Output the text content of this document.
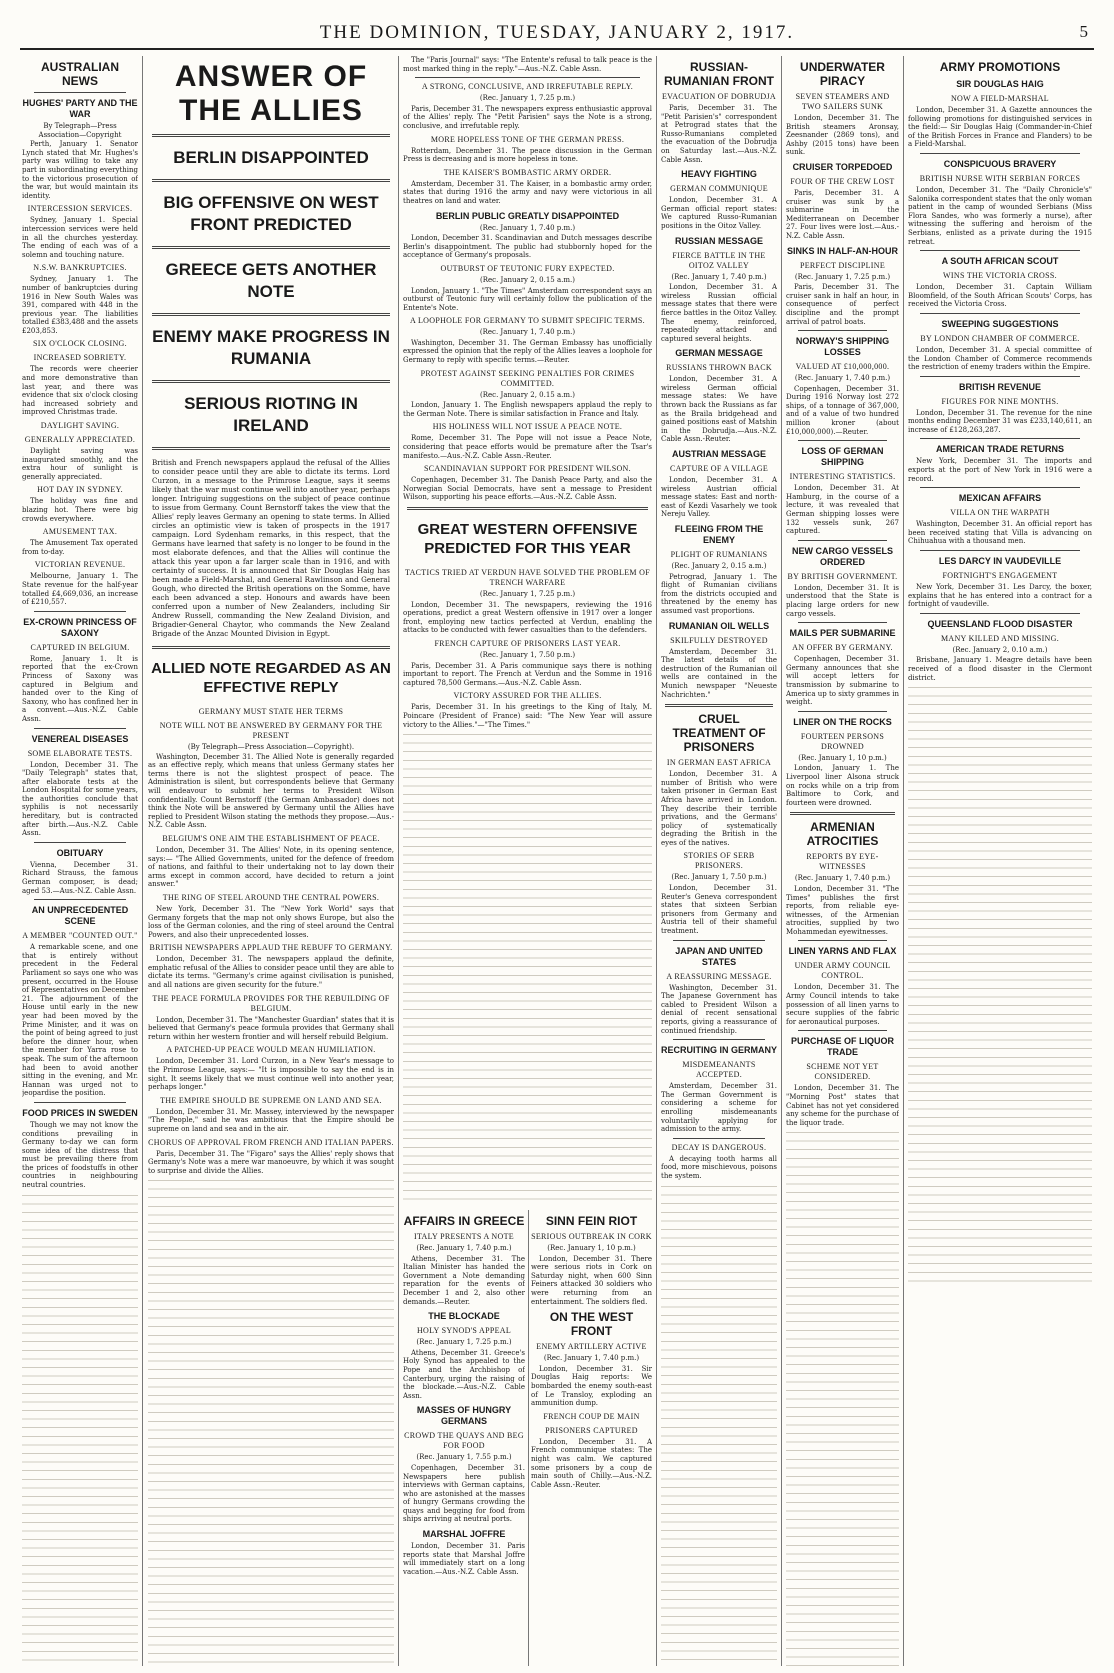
THE DOMINION, TUESDAY, JANUARY 2, 1917.	5
AUSTRALIAN NEWS
HUGHES' PARTY AND THE WAR
By Telegraph—Press Association—Copyright

Perth, January 1. Senator Lynch stated that Mr. Hughes's party was willing to take any part in subordinating everything to the victorious prosecution of the war, but would maintain its identity.

INTERCESSION SERVICES.

Sydney, January 1. Special intercession services were held in all the churches yesterday. The ending of each was of a solemn and touching nature.

N.S.W. BANKRUPTCIES.

Sydney, January 1. The number of bankruptcies during 1916 in New South Wales was 391, compared with 448 in the previous year. The liabilities totalled £383,488 and the assets £203,853.

SIX O'CLOCK CLOSING.
INCREASED SOBRIETY.

The records were cheerier and more demonstrative than last year, and there was evidence that six o'clock closing had increased sobriety and improved Christmas trade.

DAYLIGHT SAVING.
GENERALLY APPRECIATED.

Daylight saving was inaugurated smoothly, and the extra hour of sunlight is generally appreciated.

HOT DAY IN SYDNEY.

The holiday was fine and blazing hot. There were big crowds everywhere.

AMUSEMENT TAX.

The Amusement Tax operated from to-day.

VICTORIAN REVENUE.

Melbourne, January 1. The State revenue for the half-year totalled £4,669,036, an increase of £210,557.

EX-CROWN PRINCESS OF SAXONY
CAPTURED IN BELGIUM.

Rome, January 1. It is reported that the ex-Crown Princess of Saxony was captured in Belgium and handed over to the King of Saxony, who has confined her in a convent.—Aus.-N.Z. Cable Assn.

VENEREAL DISEASES
SOME ELABORATE TESTS.

London, December 31. The "Daily Telegraph" states that, after elaborate tests at the London Hospital for some years, the authorities conclude that syphilis is not necessarily hereditary, but is contracted after birth.—Aus.-N.Z. Cable Assn.

OBITUARY

Vienna, December 31. Richard Strauss, the famous German composer, is dead; aged 53.—Aus.-N.Z. Cable Assn.

AN UNPRECEDENTED SCENE
A MEMBER "COUNTED OUT."

A remarkable scene, and one that is entirely without precedent in the Federal Parliament so says one who was present, occurred in the House of Representatives on December 21. The adjournment of the House until early in the new year had been moved by the Prime Minister, and it was on the point of being agreed to just before the dinner hour, when the member for Yarra rose to speak. The sum of the afternoon had been to avoid another sitting in the evening, and Mr. Hannan was urged not to jeopardise the position.

FOOD PRICES IN SWEDEN

Though we may not know the conditions prevailing in Germany to-day we can form some idea of the distress that must be prevailing there from the prices of foodstuffs in other countries in neighbouring neutral countries.

ANSWER OF THE ALLIES
BERLIN DISAPPOINTED
BIG OFFENSIVE ON WEST FRONT PREDICTED
GREECE GETS ANOTHER NOTE
ENEMY MAKE PROGRESS IN RUMANIA
SERIOUS RIOTING IN IRELAND
British and French newspapers applaud the refusal of the Allies to consider peace until they are able to dictate its terms. Lord Curzon, in a message to the Primrose League, says it seems likely that the war must continue well into another year, perhaps longer. Intriguing suggestions on the subject of peace continue to issue from Germany. Count Bernstorff takes the view that the Allies' reply leaves Germany an opening to state terms. In Allied circles an optimistic view is taken of prospects in the 1917 campaign. Lord Sydenham remarks, in this respect, that the Germans have learned that safety is no longer to be found in the most elaborate defences, and that the Allies will continue the attack this year upon a far larger scale than in 1916, and with certainty of success. It is announced that Sir Douglas Haig has been made a Field-Marshal, and General Rawlinson and General Gough, who directed the British operations on the Somme, have each been advanced a step. Honours and awards have been conferred upon a number of New Zealanders, including Sir Andrew Russell, commanding the New Zealand Division, and Brigadier-General Chaytor, who commands the New Zealand Brigade of the Anzac Mounted Division in Egypt.
ALLIED NOTE REGARDED AS AN EFFECTIVE REPLY
GERMANY MUST STATE HER TERMS
NOTE WILL NOT BE ANSWERED BY GERMANY FOR THE PRESENT
(By Telegraph—Press Association—Copyright).

Washington, December 31. The Allied Note is generally regarded as an effective reply, which means that unless Germany states her terms there is not the slightest prospect of peace. The Administration is silent, but correspondents believe that Germany will endeavour to submit her terms to President Wilson confidentially. Count Bernstorff (the German Ambassador) does not think the Note will be answered by Germany until the Allies have replied to President Wilson stating the methods they propose.—Aus.-N.Z. Cable Assn.

BELGIUM'S ONE AIM THE ESTABLISHMENT OF PEACE.

London, December 31. The Allies' Note, in its opening sentence, says:— "The Allied Governments, united for the defence of freedom of nations, and faithful to their undertaking not to lay down their arms except in common accord, have decided to return a joint answer."

THE RING OF STEEL AROUND THE CENTRAL POWERS.

New York, December 31. The "New York World" says that Germany forgets that the map not only shows Europe, but also the loss of the German colonies, and the ring of steel around the Central Powers, and also their unprecedented losses.

BRITISH NEWSPAPERS APPLAUD THE REBUFF TO GERMANY.

London, December 31. The newspapers applaud the definite, emphatic refusal of the Allies to consider peace until they are able to dictate its terms. "Germany's crime against civilisation is punished, and all nations are given security for the future."

THE PEACE FORMULA PROVIDES FOR THE REBUILDING OF BELGIUM.

London, December 31. The "Manchester Guardian" states that it is believed that Germany's peace formula provides that Germany shall return within her western frontier and will herself rebuild Belgium.

A PATCHED-UP PEACE WOULD MEAN HUMILIATION.

London, December 31. Lord Curzon, in a New Year's message to the Primrose League, says:— "It is impossible to say the end is in sight. It seems likely that we must continue well into another year, perhaps longer."

THE EMPIRE SHOULD BE SUPREME ON LAND AND SEA.

London, December 31. Mr. Massey, interviewed by the newspaper "The People," said he was ambitious that the Empire should be supreme on land and sea and in the air.

CHORUS OF APPROVAL FROM FRENCH AND ITALIAN PAPERS.

Paris, December 31. The "Figaro" says the Allies' reply shows that Germany's Note was a mere war manoeuvre, by which it was sought to surprise and divide the Allies.

The "Paris Journal" says: "The Entente's refusal to talk peace is the most marked thing in the reply."—Aus.-N.Z. Cable Assn.

A STRONG, CONCLUSIVE, AND IRREFUTABLE REPLY.
(Rec. January 1, 7.25 p.m.)

Paris, December 31. The newspapers express enthusiastic approval of the Allies' reply. The "Petit Parisien" says the Note is a strong, conclusive, and irrefutable reply.

MORE HOPELESS TONE OF THE GERMAN PRESS.

Rotterdam, December 31. The peace discussion in the German Press is decreasing and is more hopeless in tone.

THE KAISER'S BOMBASTIC ARMY ORDER.

Amsterdam, December 31. The Kaiser, in a bombastic army order, states that during 1916 the army and navy were victorious in all theatres on land and water.

BERLIN PUBLIC GREATLY DISAPPOINTED
(Rec. January 1, 7.40 p.m.)

London, December 31. Scandinavian and Dutch messages describe Berlin's disappointment. The public had stubbornly hoped for the acceptance of Germany's proposals.

OUTBURST OF TEUTONIC FURY EXPECTED.
(Rec. January 2, 0.15 a.m.)

London, January 1. "The Times" Amsterdam correspondent says an outburst of Teutonic fury will certainly follow the publication of the Entente's Note.

A LOOPHOLE FOR GERMANY TO SUBMIT SPECIFIC TERMS.
(Rec. January 1, 7.40 p.m.)

Washington, December 31. The German Embassy has unofficially expressed the opinion that the reply of the Allies leaves a loophole for Germany to reply with specific terms.—Reuter.

PROTEST AGAINST SEEKING PENALTIES FOR CRIMES COMMITTED.
(Rec. January 2, 0.15 a.m.)

London, January 1. The English newspapers applaud the reply to the German Note. There is similar satisfaction in France and Italy.

HIS HOLINESS WILL NOT ISSUE A PEACE NOTE.

Rome, December 31. The Pope will not issue a Peace Note, considering that peace efforts would be premature after the Tsar's manifesto.—Aus.-N.Z. Cable Assn.-Reuter.

SCANDINAVIAN SUPPORT FOR PRESIDENT WILSON.

Copenhagen, December 31. The Danish Peace Party, and also the Norwegian Social Democrats, have sent a message to President Wilson, supporting his peace efforts.—Aus.-N.Z. Cable Assn.

GREAT WESTERN OFFENSIVE PREDICTED FOR THIS YEAR
TACTICS TRIED AT VERDUN HAVE SOLVED THE PROBLEM OF TRENCH WARFARE
(Rec. January 1, 7.25 p.m.)

London, December 31. The newspapers, reviewing the 1916 operations, predict a great Western offensive in 1917 over a longer front, employing new tactics perfected at Verdun, enabling the attacks to be conducted with fewer casualties than to the defenders.

FRENCH CAPTURE OF PRISONERS LAST YEAR.
(Rec. January 1, 7.50 p.m.)

Paris, December 31. A Paris communique says there is nothing important to report. The French at Verdun and the Somme in 1916 captured 78,500 Germans.—Aus.-N.Z. Cable Assn.

VICTORY ASSURED FOR THE ALLIES.

Paris, December 31. In his greetings to the King of Italy, M. Poincare (President of France) said: "The New Year will assure victory to the Allies."—"The Times."

AFFAIRS IN GREECE
ITALY PRESENTS A NOTE
(Rec. January 1, 7.40 p.m.)

Athens, December 31. The Italian Minister has handed the Government a Note demanding reparation for the events of December 1 and 2, also other demands.—Reuter.

THE BLOCKADE
HOLY SYNOD'S APPEAL
(Rec. January 1, 7.25 p.m.)

Athens, December 31. Greece's Holy Synod has appealed to the Pope and the Archbishop of Canterbury, urging the raising of the blockade.—Aus.-N.Z. Cable Assn.

MASSES OF HUNGRY GERMANS
CROWD THE QUAYS AND BEG FOR FOOD
(Rec. January 1, 7.55 p.m.)

Copenhagen, December 31. Newspapers here publish interviews with German captains, who are astonished at the masses of hungry Germans crowding the quays and begging for food from ships arriving at neutral ports.

MARSHAL JOFFRE

London, December 31. Paris reports state that Marshal Joffre will immediately start on a long vacation.—Aus.-N.Z. Cable Assn.

SINN FEIN RIOT
SERIOUS OUTBREAK IN CORK
(Rec. January 1, 10 p.m.)

London, December 31. There were serious riots in Cork on Saturday night, when 600 Sinn Feiners attacked 30 soldiers who were returning from an entertainment. The soldiers fled.

ON THE WEST FRONT
ENEMY ARTILLERY ACTIVE
(Rec. January 1, 7.40 p.m.)

London, December 31. Sir Douglas Haig reports: We bombarded the enemy south-east of Le Transloy, exploding an ammunition dump.

FRENCH COUP DE MAIN
PRISONERS CAPTURED

London, December 31. A French communique states: The night was calm. We captured some prisoners by a coup de main south of Chilly.—Aus.-N.Z. Cable Assn.-Reuter.

RUSSIAN-RUMANIAN FRONT
EVACUATION OF DOBRUDJA

Paris, December 31. The "Petit Parisien's" correspondent at Petrograd states that the Russo-Rumanians completed the evacuation of the Dobrudja on Saturday last.—Aus.-N.Z. Cable Assn.

HEAVY FIGHTING
GERMAN COMMUNIQUE

London, December 31. A German official report states: We captured Russo-Rumanian positions in the Oitoz Valley.

RUSSIAN MESSAGE
FIERCE BATTLE IN THE OITOZ VALLEY
(Rec. January 1, 7.40 p.m.)

London, December 31. A wireless Russian official message states that there were fierce battles in the Oitoz Valley. The enemy, reinforced, repeatedly attacked and captured several heights.

GERMAN MESSAGE
RUSSIANS THROWN BACK

London, December 31. A wireless German official message states: We have thrown back the Russians as far as the Braila bridgehead and gained positions east of Matshin in the Dobrudja.—Aus.-N.Z. Cable Assn.-Reuter.

AUSTRIAN MESSAGE
CAPTURE OF A VILLAGE

London, December 31. A wireless Austrian official message states: East and north-east of Kezdi Vasarhely we took Nereju Valley.

FLEEING FROM THE ENEMY
PLIGHT OF RUMANIANS
(Rec. January 2, 0.15 a.m.)

Petrograd, January 1. The flight of Rumanian civilians from the districts occupied and threatened by the enemy has assumed vast proportions.

RUMANIAN OIL WELLS
SKILFULLY DESTROYED

Amsterdam, December 31. The latest details of the destruction of the Rumanian oil wells are contained in the Munich newspaper "Neueste Nachrichten."

CRUEL TREATMENT OF PRISONERS
IN GERMAN EAST AFRICA

London, December 31. A number of British who were taken prisoner in German East Africa have arrived in London. They describe their terrible privations, and the Germans' policy of systematically degrading the British in the eyes of the natives.

STORIES OF SERB PRISONERS.
(Rec. January 1, 7.50 p.m.)

London, December 31. Reuter's Geneva correspondent states that sixteen Serbian prisoners from Germany and Austria tell of their shameful treatment.

JAPAN AND UNITED STATES
A REASSURING MESSAGE.

Washington, December 31. The Japanese Government has cabled to President Wilson a denial of recent sensational reports, giving a reassurance of continued friendship.

RECRUITING IN GERMANY
MISDEMEANANTS ACCEPTED.

Amsterdam, December 31. The German Government is considering a scheme for enrolling misdemeanants voluntarily applying for admission to the army.

DECAY IS DANGEROUS.

A decaying tooth harms all food, more mischievous, poisons the system.

UNDERWATER PIRACY
SEVEN STEAMERS AND TWO SAILERS SUNK

London, December 31. The British steamers Aronsay, Zeesnander (2869 tons), and Ashby (2015 tons) have been sunk.

CRUISER TORPEDOED
FOUR OF THE CREW LOST

Paris, December 31. A cruiser was sunk by a submarine in the Mediterranean on December 27. Four lives were lost.—Aus.-N.Z. Cable Assn.

SINKS IN HALF-AN-HOUR
PERFECT DISCIPLINE
(Rec. January 1, 7.25 p.m.)

Paris, December 31. The cruiser sank in half an hour, in consequence of perfect discipline and the prompt arrival of patrol boats.

NORWAY'S SHIPPING LOSSES
VALUED AT £10,000,000.
(Rec. January 1, 7.40 p.m.)

Copenhagen, December 31. During 1916 Norway lost 272 ships, of a tonnage of 367,000, and of a value of two hundred million kroner (about £10,000,000).—Reuter.

LOSS OF GERMAN SHIPPING
INTERESTING STATISTICS.

London, December 31. At Hamburg, in the course of a lecture, it was revealed that German shipping losses were 132 vessels sunk, 267 captured.

NEW CARGO VESSELS ORDERED
BY BRITISH GOVERNMENT.

London, December 31. It is understood that the State is placing large orders for new cargo vessels.

MAILS PER SUBMARINE
AN OFFER BY GERMANY.

Copenhagen, December 31. Germany announces that she will accept letters for transmission by submarine to America up to sixty grammes in weight.

LINER ON THE ROCKS
FOURTEEN PERSONS DROWNED
(Rec. January 1, 10 p.m.)

London, January 1. The Liverpool liner Alsona struck on rocks while on a trip from Baltimore to Cork, and fourteen were drowned.

ARMENIAN ATROCITIES
REPORTS BY EYE-WITNESSES
(Rec. January 1, 7.40 p.m.)

London, December 31. "The Times" publishes the first reports, from reliable eye-witnesses, of the Armenian atrocities, supplied by two Mohammedan eyewitnesses.

LINEN YARNS AND FLAX
UNDER ARMY COUNCIL CONTROL.

London, December 31. The Army Council intends to take possession of all linen yarns to secure supplies of the fabric for aeronautical purposes.

PURCHASE OF LIQUOR TRADE
SCHEME NOT YET CONSIDERED.

London, December 31. The "Morning Post" states that Cabinet has not yet considered any scheme for the purchase of the liquor trade.

ARMY PROMOTIONS
SIR DOUGLAS HAIG
NOW A FIELD-MARSHAL

London, December 31. A Gazette announces the following promotions for distinguished services in the field:— Sir Douglas Haig (Commander-in-Chief of the British Forces in France and Flanders) to be a Field-Marshal.

CONSPICUOUS BRAVERY
BRITISH NURSE WITH SERBIAN FORCES

London, December 31. The "Daily Chronicle's" Salonika correspondent states that the only woman patient in the camp of wounded Serbians (Miss Flora Sandes, who was formerly a nurse), after witnessing the suffering and heroism of the Serbians, enlisted as a private during the 1915 retreat.

A SOUTH AFRICAN SCOUT
WINS THE VICTORIA CROSS.

London, December 31. Captain William Bloomfield, of the South African Scouts' Corps, has received the Victoria Cross.

SWEEPING SUGGESTIONS
BY LONDON CHAMBER OF COMMERCE.

London, December 31. A special committee of the London Chamber of Commerce recommends the restriction of enemy traders within the Empire.

BRITISH REVENUE
FIGURES FOR NINE MONTHS.

London, December 31. The revenue for the nine months ending December 31 was £233,140,611, an increase of £128,263,287.

AMERICAN TRADE RETURNS

New York, December 31. The imports and exports at the port of New York in 1916 were a record.

MEXICAN AFFAIRS
VILLA ON THE WARPATH

Washington, December 31. An official report has been received stating that Villa is advancing on Chihuahua with a thousand men.

LES DARCY IN VAUDEVILLE
FORTNIGHT'S ENGAGEMENT

New York, December 31. Les Darcy, the boxer, explains that he has entered into a contract for a fortnight of vaudeville.

QUEENSLAND FLOOD DISASTER
MANY KILLED AND MISSING.
(Rec. January 2, 0.10 a.m.)

Brisbane, January 1. Meagre details have been received of a flood disaster in the Clermont district.
